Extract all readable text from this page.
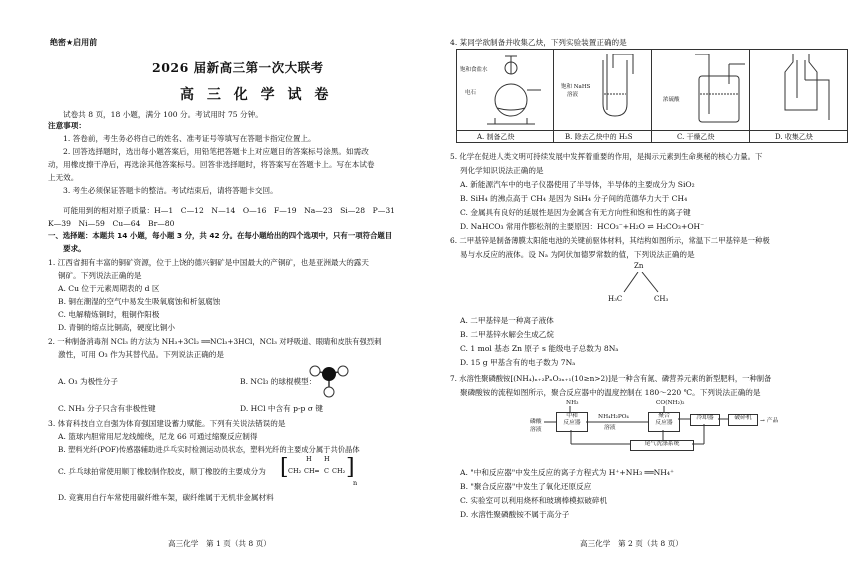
绝密★启用前
2026 届新高三第一次大联考
高 三 化 学 试 卷
试卷共 8 页，18 小题，满分 100 分。考试用时 75 分钟。
注意事项：
1. 答卷前，考生务必将自己的姓名、准考证号等填写在答题卡指定位置上。
2. 回答选择题时，选出每小题答案后，用铅笔把答题卡上对应题目的答案标号涂黑。如需改
动，用橡皮擦干净后，再选涂其他答案标号。回答非选择题时，将答案写在答题卡上。写在本试卷
上无效。
3. 考生必须保证答题卡的整洁。考试结束后，请将答题卡交回。
可能用到的相对原子质量：H—1　C—12　N—14　O—16　F—19　Na—23　Si—28　P—31
K—39　Ni—59　Cu—64　Br—80
一、选择题：本题共 14 小题，每小题 3 分，共 42 分。在每小题给出的四个选项中，只有一项符合题目
要求。
1. 江西省拥有丰富的铜矿资源，位于上饶的德兴铜矿是中国最大的产铜矿，也是亚洲最大的露天
铜矿。下列说法正确的是
A. Cu 位于元素周期表的 d 区
B. 铜在潮湿的空气中易发生吸氧腐蚀和析氢腐蚀
C. 电解精炼铜时，粗铜作阳极
D. 青铜的熔点比铜高，硬度比铜小
2. 一种制备消毒剂 NCl₃ 的方法为 NH₃+3Cl₂ ══NCl₃+3HCl，NCl₃ 对呼吸道、眼睛和皮肤有强烈刺
激性，可用 O₃ 作为其替代品。下列说法正确的是
A. O₃ 为极性分子	B. NCl₃ 的球棍模型：
C. NH₃ 分子只含有非极性键	D. HCl 中含有 p-p σ 键
3. 体育科技自立自强为体育强国建设蓄力赋能。下列有关说法错误的是
A. 篮球内胆常用尼龙线缠绕，尼龙 66 可通过缩聚反应制得
B. 塑料光纤(POF)传感器辅助进乒乓实时检测运动员状态，塑料光纤的主要成分属于共价晶体
C. 乒乓球拍常使用顺丁橡胶制作胶皮，顺丁橡胶的主要成分为 [ CH₂ CH ═ C CH₂
H H ]
n
D. 竞赛用自行车常使用碳纤维车架，碳纤维属于无机非金属材料
高三化学　第 1 页（共 8 页）
4. 某同学欲制备并收集乙炔，下列实验装置正确的是
饱和食盐水
电石
饱和 NaHS
溶液
浓硫酸
A. 制备乙炔	B. 除去乙炔中的 H₂S	C. 干燥乙炔	D. 收集乙炔
5. 化学在促进人类文明可持续发展中发挥着重要的作用，是揭示元素到生命奥秘的核心力量。下
列化学知识说法正确的是
A. 新能源汽车中的电子仪器使用了半导体，半导体的主要成分为 SiO₂
B. SiH₄ 的沸点高于 CH₄ 是因为 SiH₄ 分子间的范德华力大于 CH₄
C. 金属具有良好的延展性是因为金属含有无方向性和饱和性的离子键
D. NaHCO₃ 常用作膨松剂的主要原因：HCO₃⁻+H₂O ⇌ H₂CO₃+OH⁻
6. 二甲基锌是制备薄膜太阳能电池的关键前驱体材料，其结构如图所示，常温下二甲基锌是一种极
易与水反应的液体。设 Nₐ 为阿伏加德罗常数的值，下列说法正确的是
Zn
H₃C	CH₃
A. 二甲基锌是一种离子液体
B. 二甲基锌水解会生成乙烷
C. 1 mol 基态 Zn 原子 s 能级电子总数为 8Nₐ
D. 15 g 甲基含有的电子数为 7Nₐ
7. 水溶性聚磷酸铵[(NH₄)ₙ₊₂PₙO₃ₙ₊₁(10≥n>2)]是一种含有氮、磷营养元素的新型肥料，一种制备
聚磷酸铵的流程如图所示，聚合反应器中的温度控制在 180～220 ℃。下列说法正确的是
NH₃	CO(NH₂)₂
磷酸
溶液
中和
反应器
NH₄H₂PO₄
溶液
聚合
反应器
冷却器	破碎机	→ 产品
尾气洗涤系统
A. "中和反应器"中发生反应的离子方程式为 H⁺+NH₃ ══NH₄⁺
B. "聚合反应器"中发生了氧化还原反应
C. 实验室可以利用烧杯和玻璃棒模拟破碎机
D. 水溶性聚磷酸铵不属于高分子
高三化学　第 2 页（共 8 页）
